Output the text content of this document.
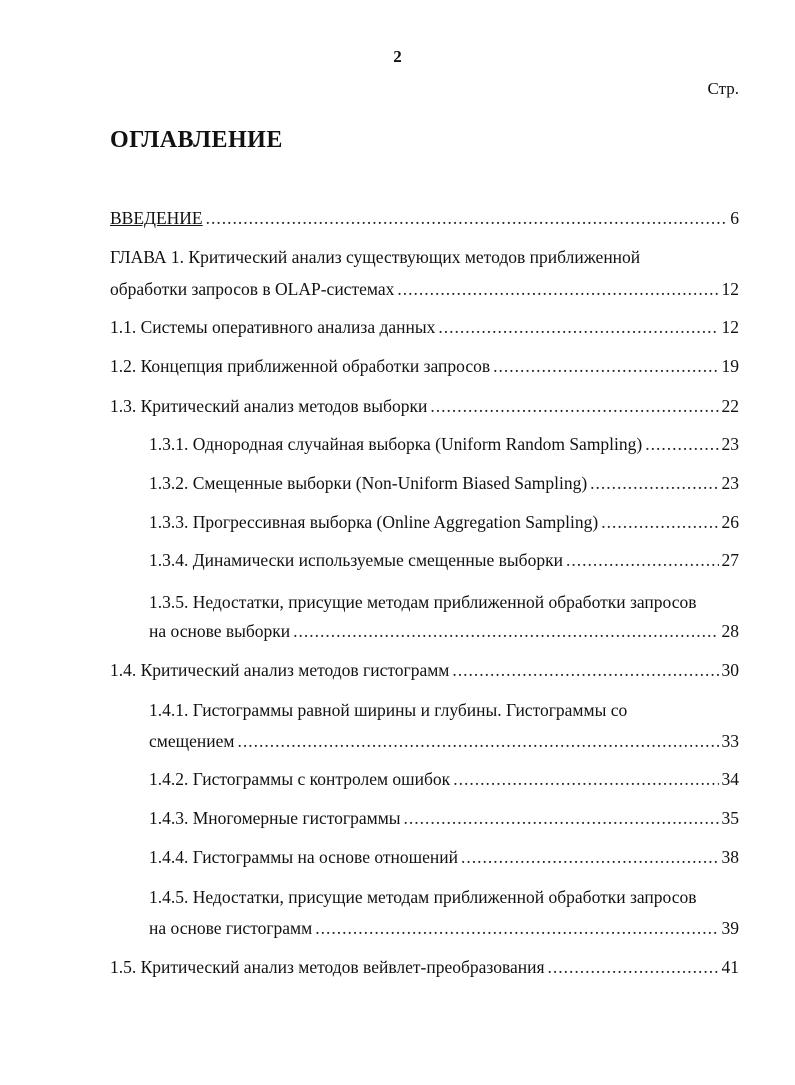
2
Стр.
ОГЛАВЛЕНИЕ
ВВЕДЕНИЕ .....	6
ГЛАВА 1. Критический анализ существующих методов приближенной
обработки запросов в OLAP-системах .....	12
1.1. Системы оперативного анализа данных .....	12
1.2. Концепция приближенной обработки запросов .....	19
1.3. Критический анализ методов выборки .....	22
1.3.1. Однородная случайная выборка (Uniform Random Sampling) .....	23
1.3.2. Смещенные выборки (Non-Uniform Biased Sampling) .....	23
1.3.3. Прогрессивная выборка (Online Aggregation Sampling) .....	26
1.3.4. Динамически используемые смещенные выборки .....	27
1.3.5. Недостатки, присущие методам приближенной обработки запросов
на основе выборки .....	28
1.4. Критический анализ методов гистограмм .....	30
1.4.1. Гистограммы равной ширины и глубины. Гистограммы со
смещением .....	33
1.4.2. Гистограммы с контролем ошибок .....	34
1.4.3. Многомерные гистограммы .....	35
1.4.4. Гистограммы на основе отношений .....	38
1.4.5. Недостатки, присущие методам приближенной обработки запросов
на основе гистограмм .....	39
1.5. Критический анализ методов вейвлет-преобразования .....	41
